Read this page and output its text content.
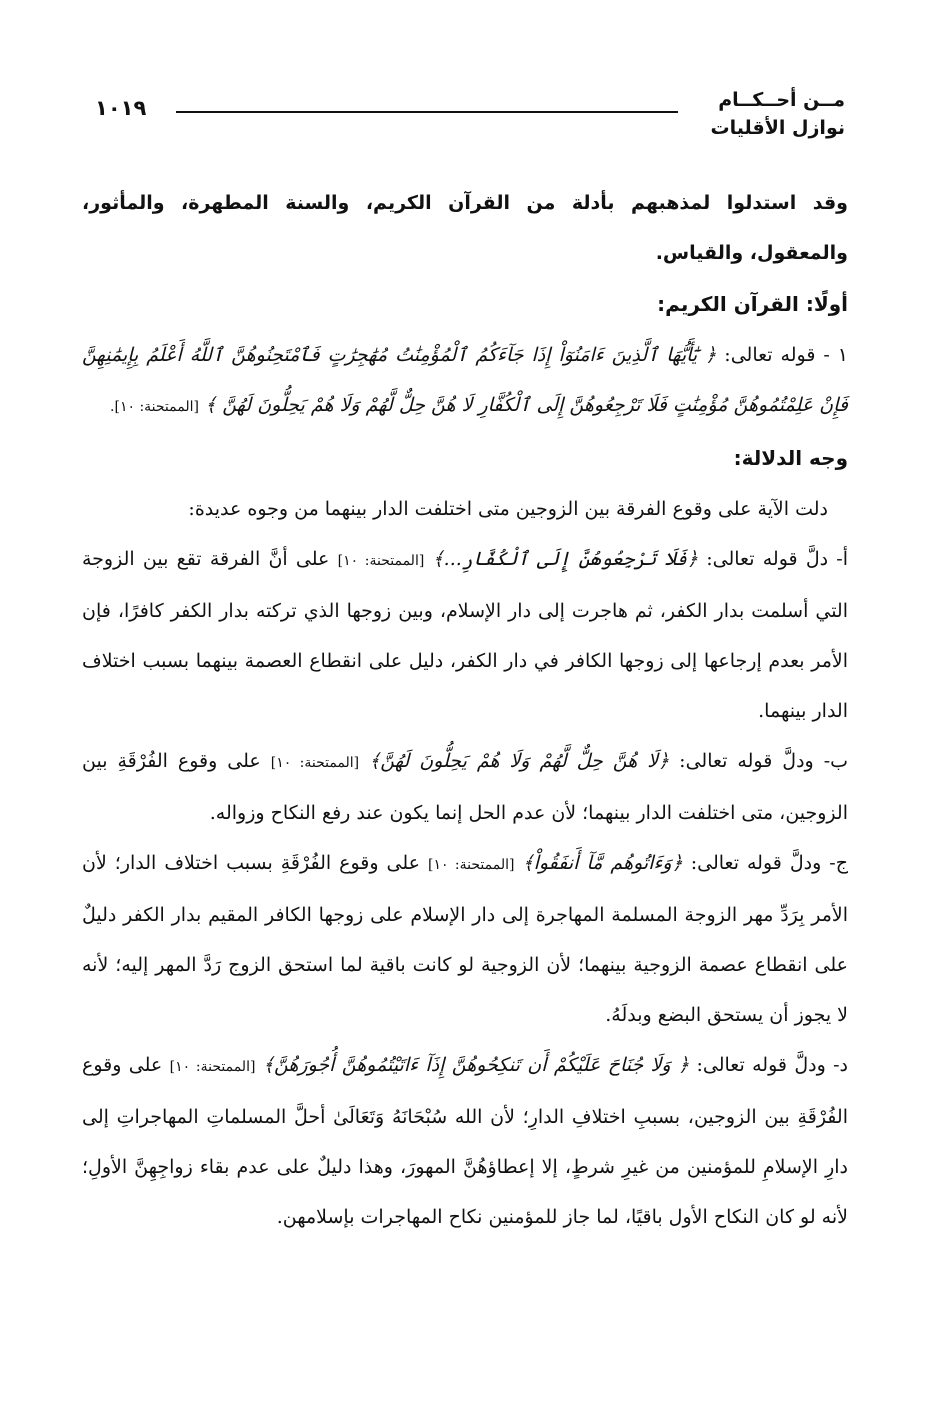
مــن أحــكــام
نوازل الأقليات
١٠١٩

وقد استدلوا لمذهبهم بأدلة من القرآن الكريم، والسنة المطهرة، والمأثور، والمعقول، والقياس.

أولًا: القرآن الكريم:

١ - قوله تعالى: ﴿ يَٰٓأَيُّهَا ٱلَّذِينَ ءَامَنُوٓاْ إِذَا جَآءَكُمُ ٱلْمُؤْمِنَٰتُ مُهَٰجِرَٰتٍ فَٱمْتَحِنُوهُنَّ ٱللَّهُ أَعْلَمُ بِإِيمَٰنِهِنَّ فَإِنْ عَلِمْتُمُوهُنَّ مُؤْمِنَٰتٍ فَلَا تَرْجِعُوهُنَّ إِلَى ٱلْكُفَّارِ لَا هُنَّ حِلٌّ لَّهُمْ وَلَا هُمْ يَحِلُّونَ لَهُنَّ ﴾ [الممتحنة: ١٠].

وجه الدلالة:

دلت الآية على وقوع الفرقة بين الزوجين متى اختلفت الدار بينهما من وجوه عديدة:

أ- دلَّ قوله تعالى: ﴿فَلَا تَرْجِعُوهُنَّ إِلَى ٱلْكُفَّارِ...﴾ [الممتحنة: ١٠] على أنَّ الفرقة تقع بين الزوجة التي أسلمت بدار الكفر، ثم هاجرت إلى دار الإسلام، وبين زوجها الذي تركته بدار الكفر كافرًا، فإن الأمر بعدم إرجاعها إلى زوجها الكافر في دار الكفر، دليل على انقطاع العصمة بينهما بسبب اختلاف الدار بينهما.

ب- ودلَّ قوله تعالى: ﴿لَا هُنَّ حِلٌّ لَّهُمْ وَلَا هُمْ يَحِلُّونَ لَهُنَّ﴾ [الممتحنة: ١٠] على وقوع الفُرْقَةِ بين الزوجين، متى اختلفت الدار بينهما؛ لأن عدم الحل إنما يكون عند رفع النكاح وزواله.

ج- ودلَّ قوله تعالى: ﴿وَءَاتُوهُم مَّآ أَنفَقُواْ﴾ [الممتحنة: ١٠] على وقوع الفُرْقَةِ بسبب اختلاف الدار؛ لأن الأمر بِرَدِّ مهر الزوجة المسلمة المهاجرة إلى دار الإسلام على زوجها الكافر المقيم بدار الكفر دليلٌ على انقطاع عصمة الزوجية بينهما؛ لأن الزوجية لو كانت باقية لما استحق الزوج رَدَّ المهر إليه؛ لأنه لا يجوز أن يستحق البضع وبدلَهُ.

د- ودلَّ قوله تعالى: ﴿ وَلَا جُنَاحَ عَلَيْكُمْ أَن تَنكِحُوهُنَّ إِذَآ ءَاتَيْتُمُوهُنَّ أُجُورَهُنَّ﴾ [الممتحنة: ١٠] على وقوع الفُرْقَةِ بين الزوجين، بسببِ اختلافِ الدارِ؛ لأن الله سُبْحَانَهُ وَتَعَالَىٰ أحلَّ المسلماتِ المهاجراتِ إلى دارِ الإسلامِ للمؤمنين من غيرِ شرطٍ، إلا إعطاؤهُنَّ المهورَ، وهذا دليلٌ على عدم بقاء زواجِهِنَّ الأولِ؛ لأنه لو كان النكاح الأول باقيًا، لما جاز للمؤمنين نكاح المهاجرات بإسلامهن.
